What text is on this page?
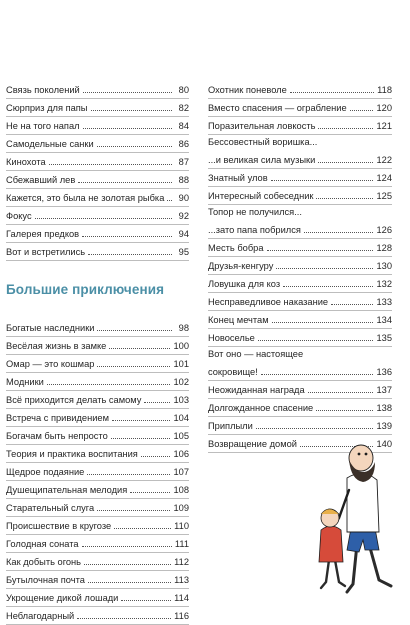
Связь поколений	80
Сюрприз для папы	82
Не на того напал	84
Самодельные санки	86
Кинохота	87
Сбежавший лев	88
Кажется, это была не золотая рыбка	90
Фокус	92
Галерея предков	94
Вот и встретились	95
Большие приключения
Богатые наследники	98
Весёлая жизнь в замке	100
Омар — это кошмар	101
Модники	102
Всё приходится делать самому	103
Встреча с привидением	104
Богачам быть непросто	105
Теория и практика воспитания	106
Щедрое подаяние	107
Душещипательная мелодия	108
Старательный слуга	109
Происшествие в кругозе	110
Голодная соната	111
Как добыть огонь	112
Бутылочная почта	113
Укрощение дикой лошади	114
Неблагодарный	116
Охотник поневоле	118
Вместо спасения — ограбление	120
Поразительная ловкость	121
Бессовестный воришка...
...и великая сила музыки	122
Знатный улов	124
Интересный собеседник	125
Топор не получился...
...зато папа побрился	126
Месть бобра	128
Друзья-кенгуру	130
Ловушка для коз	132
Несправедливое наказание	133
Конец мечтам	134
Новоселье	135
Вот оно — настоящее
сокровище!	136
Неожиданная награда	137
Долгожданное спасение	138
Приплыли	139
Возвращение домой	140
